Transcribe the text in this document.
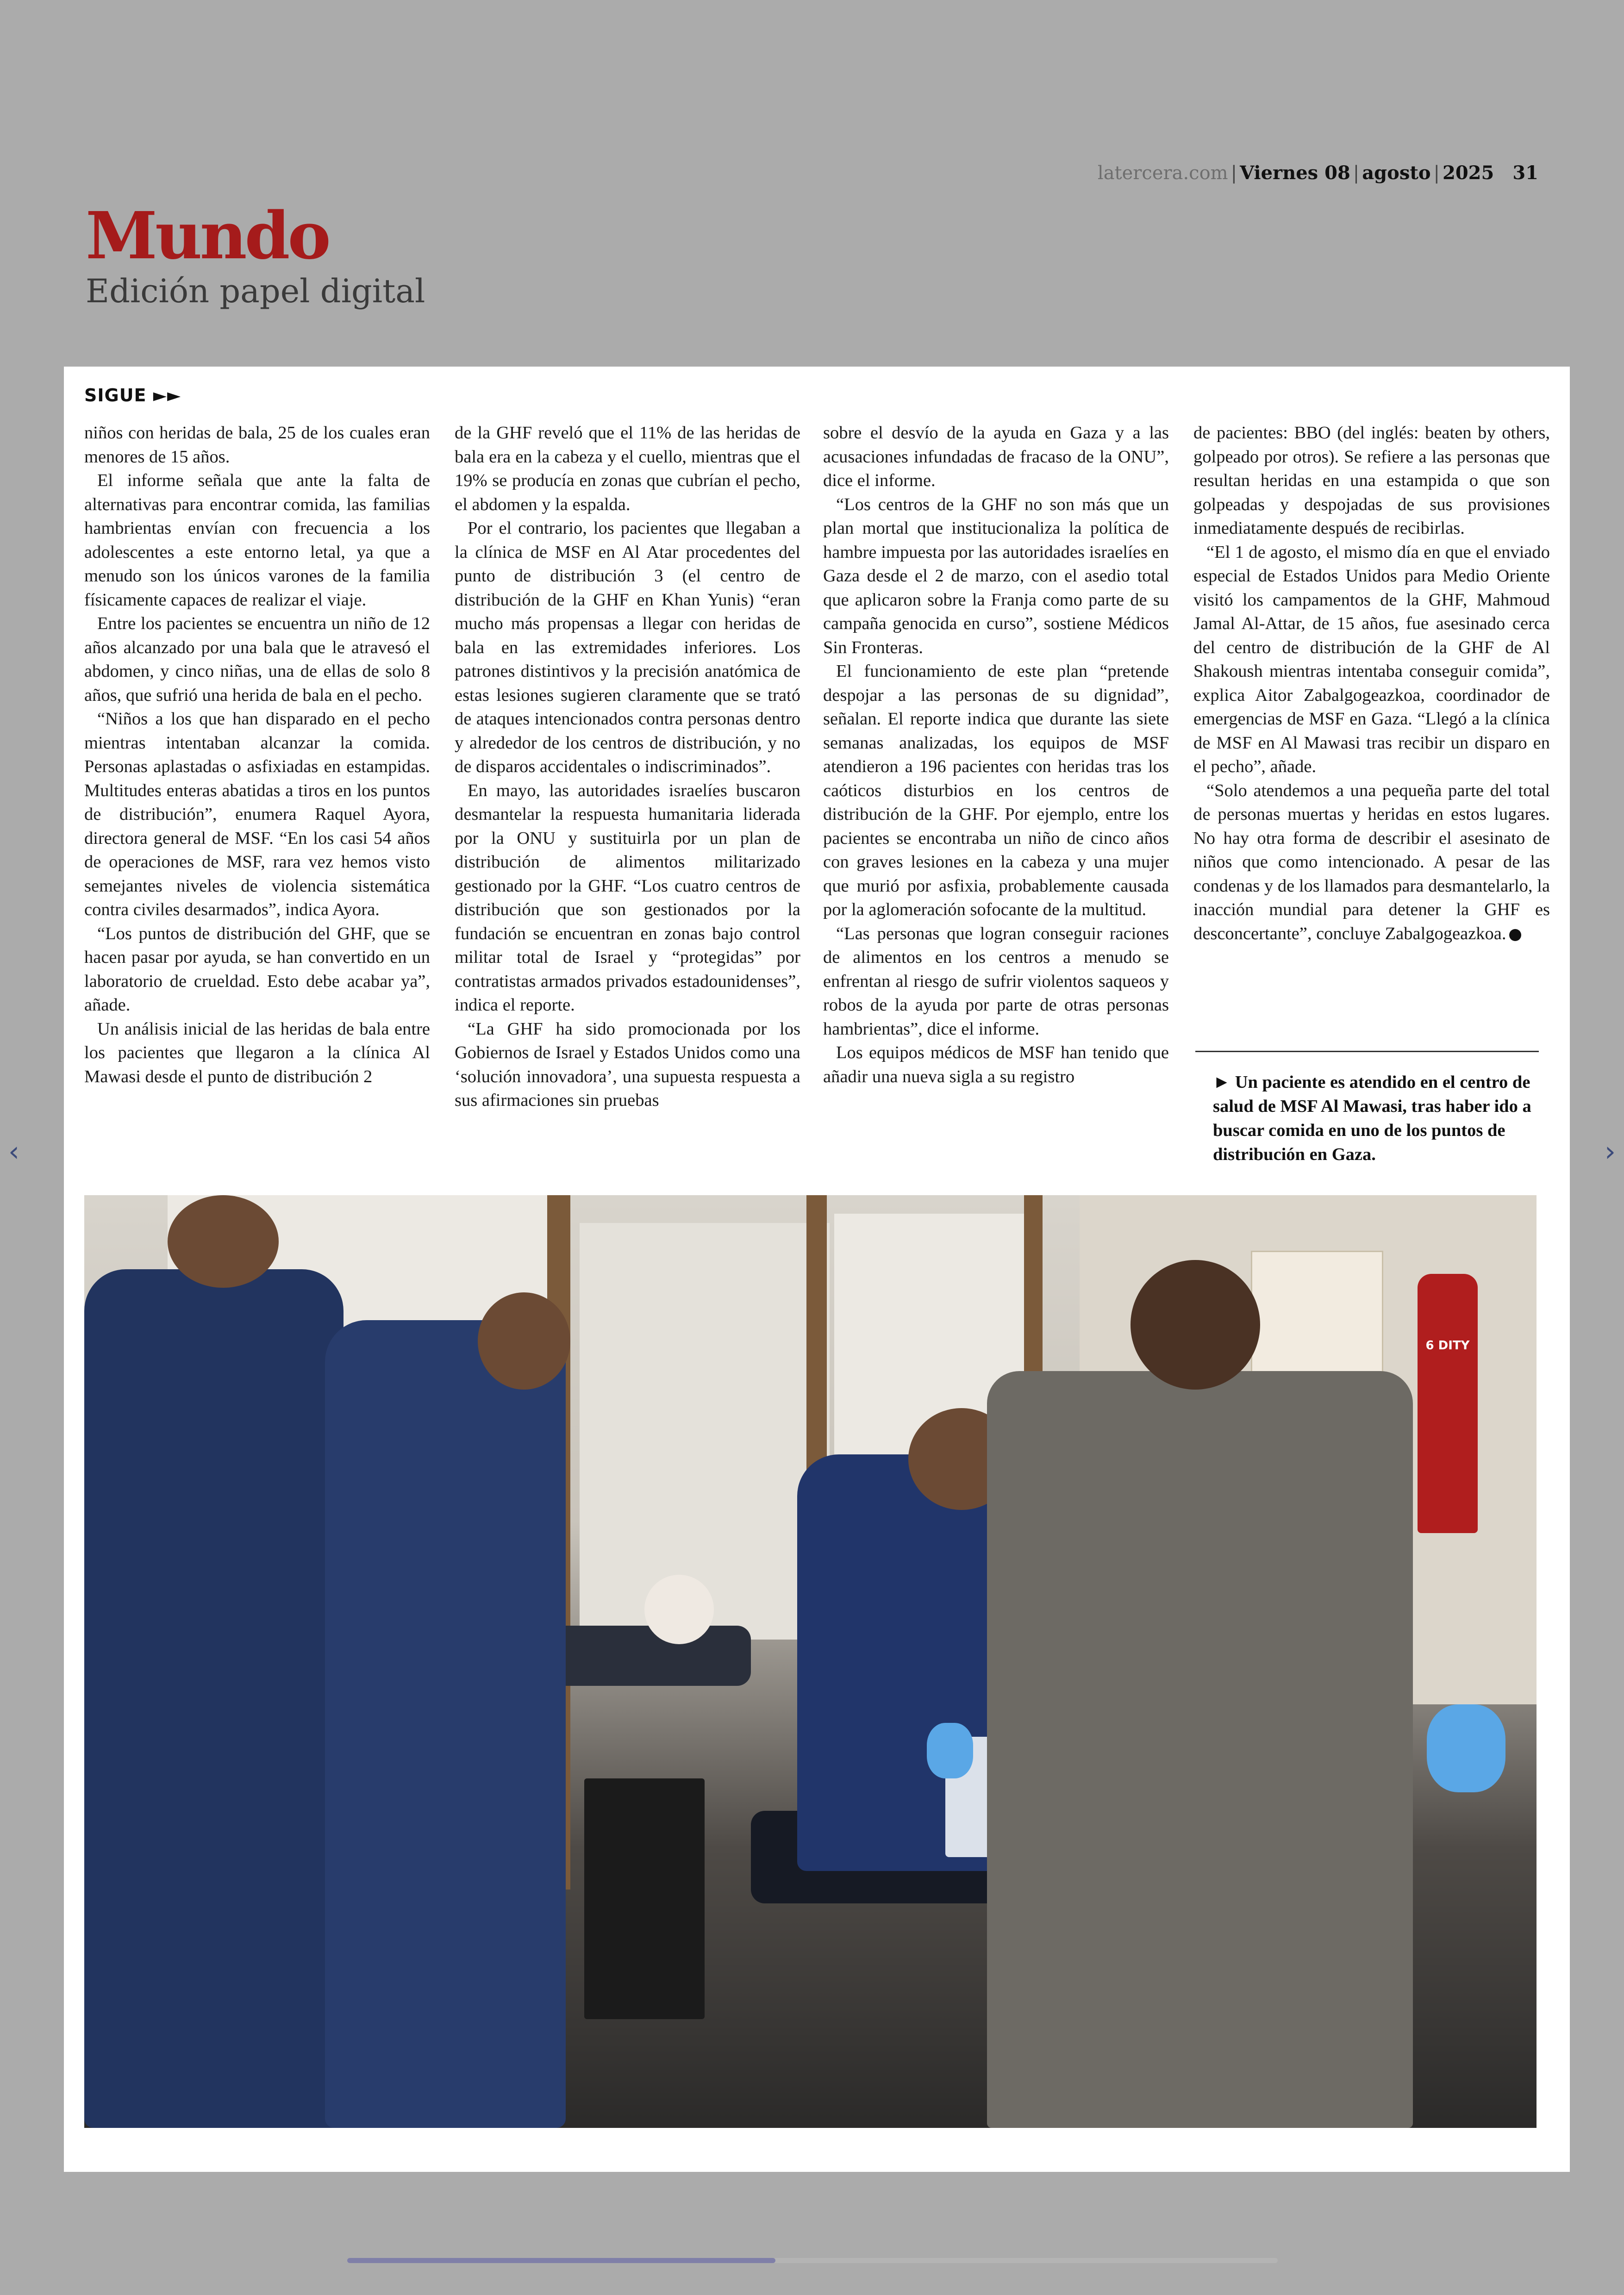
latercera.com | Viernes 08 | agosto | 2025 31
Mundo
Edición papel digital
SIGUE ►►

niños con heridas de bala, 25 de los cuales eran menores de 15 años.

El informe señala que ante la falta de alternativas para encontrar comida, las familias hambrientas envían con frecuencia a los adolescentes a este entorno letal, ya que a menudo son los únicos varones de la familia físicamente capaces de realizar el viaje.

Entre los pacientes se encuentra un niño de 12 años alcanzado por una bala que le atravesó el abdomen, y cinco niñas, una de ellas de solo 8 años, que sufrió una herida de bala en el pecho.

“Niños a los que han disparado en el pecho mientras intentaban alcanzar la comida. Personas aplastadas o asfixiadas en estampidas. Multitudes enteras abatidas a tiros en los puntos de distribución”, enumera Raquel Ayora, directora general de MSF. “En los casi 54 años de operaciones de MSF, rara vez hemos visto semejantes niveles de violencia sistemática contra civiles desarmados”, indica Ayora.

“Los puntos de distribución del GHF, que se hacen pasar por ayuda, se han convertido en un laboratorio de crueldad. Esto debe acabar ya”, añade.

Un análisis inicial de las heridas de bala entre los pacientes que llegaron a la clínica Al Mawasi desde el punto de distribución 2

de la GHF reveló que el 11% de las heridas de bala era en la cabeza y el cuello, mientras que el 19% se producía en zonas que cubrían el pecho, el abdomen y la espalda.

Por el contrario, los pacientes que llegaban a la clínica de MSF en Al Atar procedentes del punto de distribución 3 (el centro de distribución de la GHF en Khan Yunis) “eran mucho más propensas a llegar con heridas de bala en las extremidades inferiores. Los patrones distintivos y la precisión anatómica de estas lesiones sugieren claramente que se trató de ataques intencionados contra personas dentro y alrededor de los centros de distribución, y no de disparos accidentales o indiscriminados”.

En mayo, las autoridades israelíes buscaron desmantelar la respuesta humanitaria liderada por la ONU y sustituirla por un plan de distribución de alimentos militarizado gestionado por la GHF. “Los cuatro centros de distribución que son gestionados por la fundación se encuentran en zonas bajo control militar total de Israel y “protegidas” por contratistas armados privados estadounidenses”, indica el reporte.

“La GHF ha sido promocionada por los Gobiernos de Israel y Estados Unidos como una ‘solución innovadora’, una supuesta respuesta a sus afirmaciones sin pruebas

sobre el desvío de la ayuda en Gaza y a las acusaciones infundadas de fracaso de la ONU”, dice el informe.

“Los centros de la GHF no son más que un plan mortal que institucionaliza la política de hambre impuesta por las autoridades israelíes en Gaza desde el 2 de marzo, con el asedio total que aplicaron sobre la Franja como parte de su campaña genocida en curso”, sostiene Médicos Sin Fronteras.

El funcionamiento de este plan “pretende despojar a las personas de su dignidad”, señalan. El reporte indica que durante las siete semanas analizadas, los equipos de MSF atendieron a 196 pacientes con heridas tras los caóticos disturbios en los centros de distribución de la GHF. Por ejemplo, entre los pacientes se encontraba un niño de cinco años con graves lesiones en la cabeza y una mujer que murió por asfixia, probablemente causada por la aglomeración sofocante de la multitud.

“Las personas que logran conseguir raciones de alimentos en los centros a menudo se enfrentan al riesgo de sufrir violentos saqueos y robos de la ayuda por parte de otras personas hambrientas”, dice el informe.

Los equipos médicos de MSF han tenido que añadir una nueva sigla a su registro

de pacientes: BBO (del inglés: beaten by others, golpeado por otros). Se refiere a las personas que resultan heridas en una estampida o que son golpeadas y despojadas de sus provisiones inmediatamente después de recibirlas.

“El 1 de agosto, el mismo día en que el enviado especial de Estados Unidos para Medio Oriente visitó los campamentos de la GHF, Mahmoud Jamal Al-Attar, de 15 años, fue asesinado cerca del centro de distribución de la GHF de Al Shakoush mientras intentaba conseguir comida”, explica Aitor Zabalgogeazkoa, coordinador de emergencias de MSF en Gaza. “Llegó a la clínica de MSF en Al Mawasi tras recibir un disparo en el pecho”, añade.

“Solo atendemos a una pequeña parte del total de personas muertas y heridas en estos lugares. No hay otra forma de describir el asesinato de niños que como intencionado. A pesar de las condenas y de los llamados para desmantelarlo, la inacción mundial para detener la GHF es desconcertante”, concluye Zabalgogeazkoa.

► Un paciente es atendido en el centro de salud de MSF Al Mawasi, tras haber ido a buscar comida en uno de los puntos de distribución en Gaza.
6 DITY
‹	›
